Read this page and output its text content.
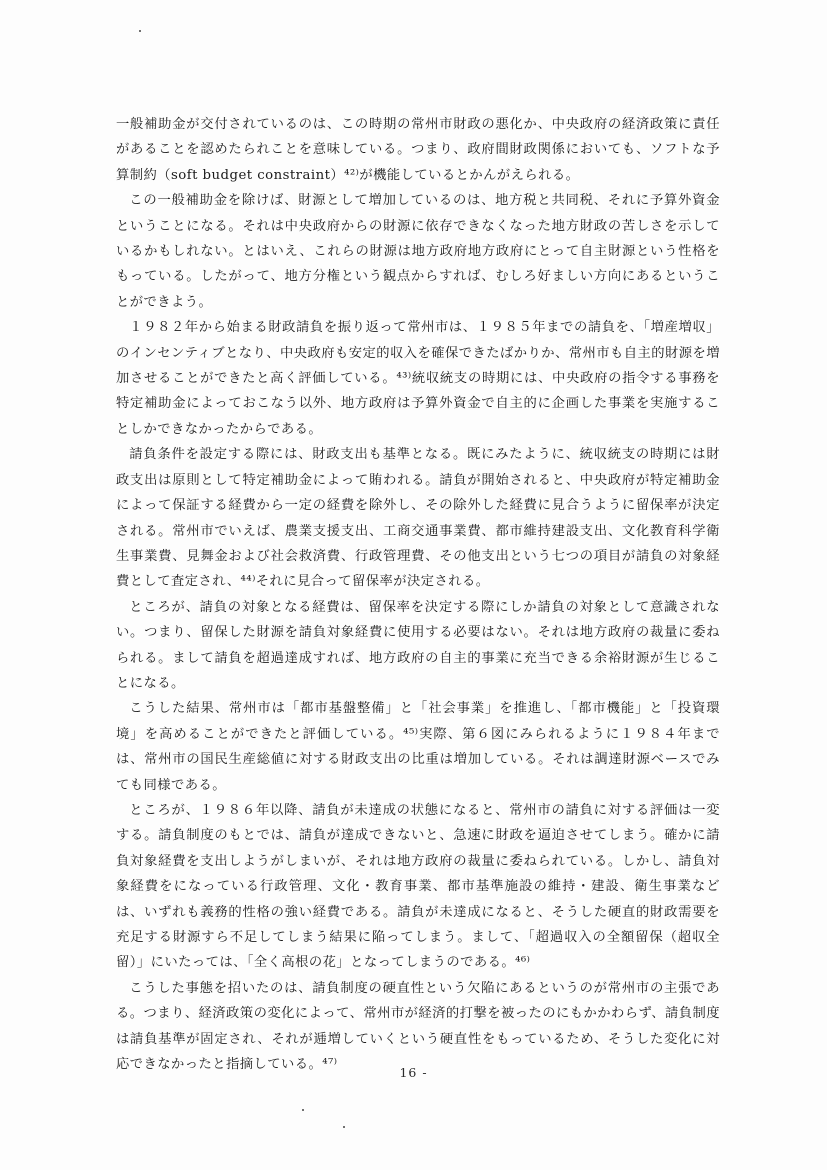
一般補助金が交付されているのは、この時期の常州市財政の悪化か、中央政府の経済政策に責任があることを認めたられことを意味している。つまり、政府間財政関係においても、ソフトな予算制約（soft budget constraint）⁴²⁾が機能しているとかんがえられる。

この一般補助金を除けば、財源として増加しているのは、地方税と共同税、それに予算外資金ということになる。それは中央政府からの財源に依存できなくなった地方財政の苦しさを示しているかもしれない。とはいえ、これらの財源は地方政府地方政府にとって自主財源という性格をもっている。したがって、地方分権という観点からすれば、むしろ好ましい方向にあるということができよう。

１９８２年から始まる財政請負を振り返って常州市は、１９８５年までの請負を、「増産増収」のインセンティブとなり、中央政府も安定的収入を確保できたばかりか、常州市も自主的財源を増加させることができたと高く評価している。⁴³⁾統収統支の時期には、中央政府の指令する事務を特定補助金によっておこなう以外、地方政府は予算外資金で自主的に企画した事業を実施することしかできなかったからである。

請負条件を設定する際には、財政支出も基準となる。既にみたように、統収統支の時期には財政支出は原則として特定補助金によって賄われる。請負が開始されると、中央政府が特定補助金によって保証する経費から一定の経費を除外し、その除外した経費に見合うように留保率が決定される。常州市でいえば、農業支援支出、工商交通事業費、都市維持建設支出、文化教育科学衛生事業費、見舞金および社会救済費、行政管理費、その他支出という七つの項目が請負の対象経費として査定され、⁴⁴⁾それに見合って留保率が決定される。

ところが、請負の対象となる経費は、留保率を決定する際にしか請負の対象として意識されない。つまり、留保した財源を請負対象経費に使用する必要はない。それは地方政府の裁量に委ねられる。まして請負を超過達成すれば、地方政府の自主的事業に充当できる余裕財源が生じることになる。

こうした結果、常州市は「都市基盤整備」と「社会事業」を推進し、「都市機能」と「投資環境」を高めることができたと評価している。⁴⁵⁾実際、第６図にみられるように１９８４年までは、常州市の国民生産総値に対する財政支出の比重は増加している。それは調達財源ベースでみても同様である。

ところが、１９８６年以降、請負が未達成の状態になると、常州市の請負に対する評価は一変する。請負制度のもとでは、請負が達成できないと、急速に財政を逼迫させてしまう。確かに請負対象経費を支出しようがしまいが、それは地方政府の裁量に委ねられている。しかし、請負対象経費をになっている行政管理、文化・教育事業、都市基準施設の維持・建設、衛生事業などは、いずれも義務的性格の強い経費である。請負が未達成になると、そうした硬直的財政需要を充足する財源すら不足してしまう結果に陥ってしまう。まして、「超過収入の全額留保（超収全留）」にいたっては、「全く高根の花」となってしまうのである。⁴⁶⁾

こうした事態を招いたのは、請負制度の硬直性という欠陥にあるというのが常州市の主張である。つまり、経済政策の変化によって、常州市が経済的打撃を被ったのにもかかわらず、請負制度は請負基準が固定され、それが逓増していくという硬直性をもっているため、そうした変化に対応できなかったと指摘している。⁴⁷⁾

16 -
